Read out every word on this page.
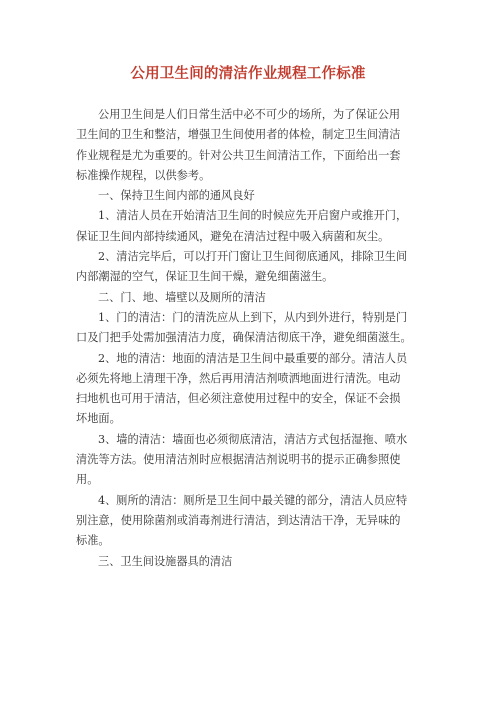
公用卫生间的清洁作业规程工作标准
公用卫生间是人们日常生活中必不可少的场所，为了保证公用
卫生间的卫生和整洁，增强卫生间使用者的体检，制定卫生间清洁
作业规程是尤为重要的。针对公共卫生间清洁工作，下面给出一套
标准操作规程，以供参考。
一、保持卫生间内部的通风良好
1、清洁人员在开始清洁卫生间的时候应先开启窗户或推开门，
保证卫生间内部持续通风，避免在清洁过程中吸入病菌和灰尘。
2、清洁完毕后，可以打开门窗让卫生间彻底通风，排除卫生间
内部潮湿的空气，保证卫生间干燥，避免细菌滋生。
二、门、地、墙壁以及厕所的清洁
1、门的清洁：门的清洗应从上到下，从内到外进行，特别是门
口及门把手处需加强清洁力度，确保清洁彻底干净，避免细菌滋生。
2、地的清洁：地面的清洁是卫生间中最重要的部分。清洁人员
必须先将地上清理干净，然后再用清洁剂喷洒地面进行清洗。电动
扫地机也可用于清洁，但必须注意使用过程中的安全，保证不会损
坏地面。
3、墙的清洁：墙面也必须彻底清洁，清洁方式包括湿拖、喷水
清洗等方法。使用清洁剂时应根据清洁剂说明书的提示正确参照使
用。
4、厕所的清洁：厕所是卫生间中最关键的部分，清洁人员应特
别注意，使用除菌剂或消毒剂进行清洁，到达清洁干净，无异味的
标准。
三、卫生间设施器具的清洁
